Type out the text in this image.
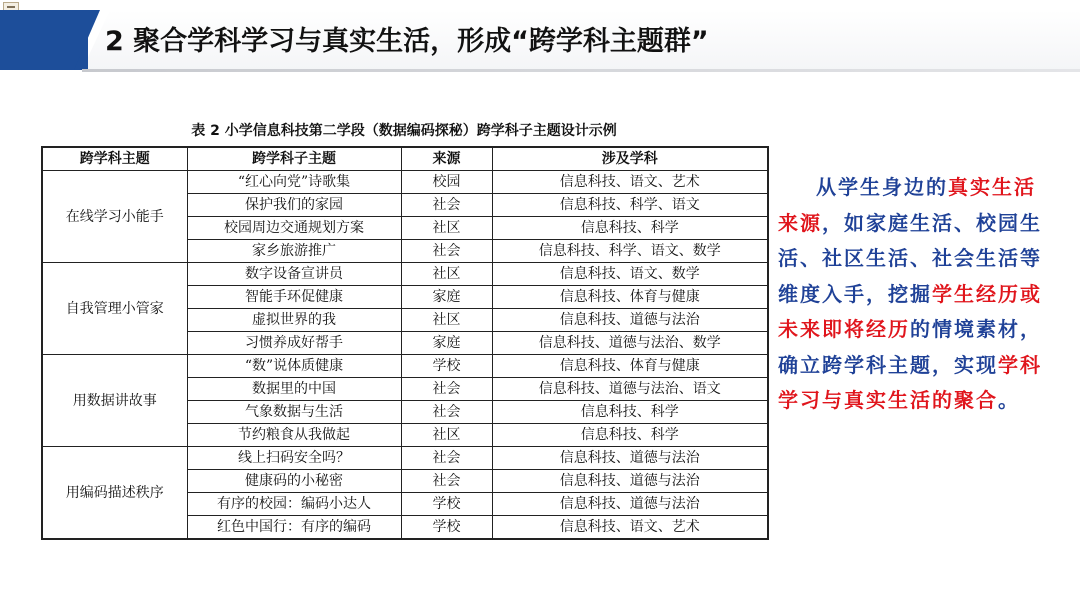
2 聚合学科学习与真实生活，形成“跨学科主题群”
表 2 小学信息科技第二学段（数据编码探秘）跨学科子主题设计示例
跨学科主题	跨学科子主题	来源	涉及学科
在线学习小能手	“红心向党”诗歌集	校园	信息科技、语文、艺术
	保护我们的家园	社会	信息科技、科学、语文
	校园周边交通规划方案	社区	信息科技、科学
	家乡旅游推广	社会	信息科技、科学、语文、数学
自我管理小管家	数字设备宣讲员	社区	信息科技、语文、数学
	智能手环促健康	家庭	信息科技、体育与健康
	虚拟世界的我	社区	信息科技、道德与法治
	习惯养成好帮手	家庭	信息科技、道德与法治、数学
用数据讲故事	“数”说体质健康	学校	信息科技、体育与健康
	数据里的中国	社会	信息科技、道德与法治、语文
	气象数据与生活	社会	信息科技、科学
	节约粮食从我做起	社区	信息科技、科学
用编码描述秩序	线上扫码安全吗？	社会	信息科技、道德与法治
	健康码的小秘密	社会	信息科技、道德与法治
	有序的校园：编码小达人	学校	信息科技、道德与法治
	红色中国行：有序的编码	学校	信息科技、语文、艺术
从学生身边的真实生活来源，如家庭生活、校园生活、社区生活、社会生活等维度入手，挖掘学生经历或未来即将经历的情境素材，确立跨学科主题，实现学科学习与真实生活的聚合。
